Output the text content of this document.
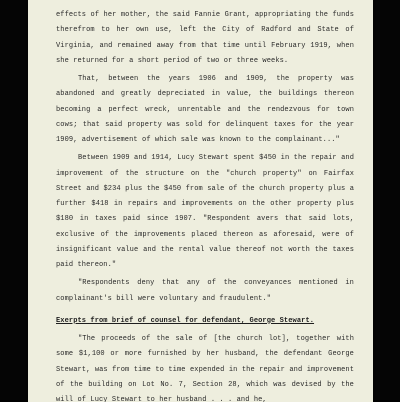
effects of her mother, the said Fannie Grant, appropriating the funds therefrom to her own use, left the City of Radford and State of Virginia, and remained away from that time until February 1919, when she returned for a short period of two or three weeks.

That, between the years 1906 and 1909, the property was abandoned and greatly depreciated in value, the buildings thereon becoming a perfect wreck, unrentable and the rendezvous for town cows; that said property was sold for delinquent taxes for the year 1909, advertisement of which sale was known to the complainant..."

Between 1909 and 1914, Lucy Stewart spent $450 in the repair and improvement of the structure on the "church property" on Fairfax Street and $234 plus the $450 from sale of the church property plus a further $418 in repairs and improvements on the other property plus $180 in taxes paid since 1907. "Respondent avers that said lots, exclusive of the improvements placed thereon as aforesaid, were of insignificant value and the rental value thereof not worth the taxes paid thereon."

"Respondents deny that any of the conveyances mentioned in complainant's bill were voluntary and fraudulent."

Exerpts from brief of counsel for defendant, George Stewart.

"The proceeds of the sale of [the church lot], together with some $1,100 or more furnished by her husband, the defendant George Stewart, was from time to time expended in the repair and improvement of the building on Lot No. 7, Section 28, which was devised by the will of Lucy Stewart to her husband . . . and he,
